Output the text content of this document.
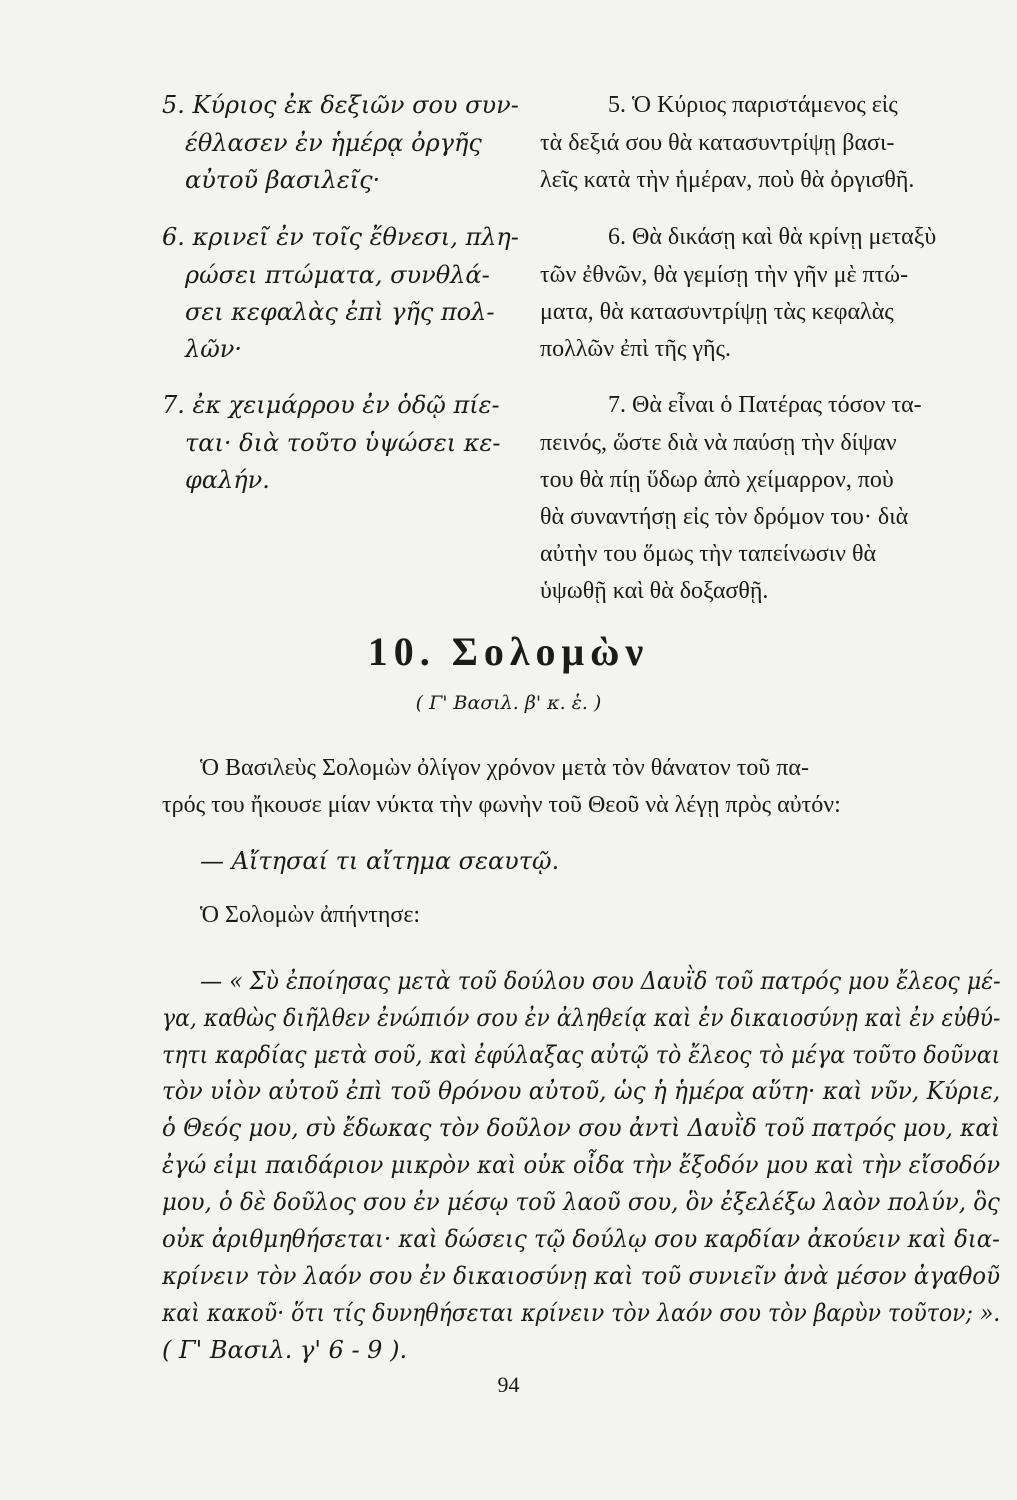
5. Κύριος ἐκ δεξιῶν σου συν-
έθλασεν ἐν ἡμέρᾳ ὀργῆς
αὐτοῦ βασιλεῖς·
6. κρινεῖ ἐν τοῖς ἔθνεσι, πλη-
ρώσει πτώματα, συνθλά-
σει κεφαλὰς ἐπὶ γῆς πολ-
λῶν·
7. ἐκ χειμάρρου ἐν ὁδῷ πίε-
ται· διὰ τοῦτο ὑψώσει κε-
φαλήν.
5. Ὁ Κύριος παριστάμενος εἰς
τὰ δεξιά σου θὰ κατασυντρίψῃ βασι-
λεῖς κατὰ τὴν ἡμέραν, ποὺ θὰ ὀργισθῆ.
6. Θὰ δικάσῃ καὶ θὰ κρίνῃ μεταξὺ
τῶν ἐθνῶν, θὰ γεμίσῃ τὴν γῆν μὲ πτώ-
ματα, θὰ κατασυντρίψῃ τὰς κεφαλὰς
πολλῶν ἐπὶ τῆς γῆς.
7. Θὰ εἶναι ὁ Πατέρας τόσον τα-
πεινός, ὥστε διὰ νὰ παύσῃ τὴν δίψαν
του θὰ πίῃ ὕδωρ ἀπὸ χείμαρρον, ποὺ
θὰ συναντήσῃ εἰς τὸν δρόμον του· διὰ
αὐτὴν του ὅμως τὴν ταπείνωσιν θὰ
ὑψωθῇ καὶ θὰ δοξασθῇ.
10. Σολομὼν
( Γ' Βασιλ. β' κ. ἑ. )
Ὁ Βασιλεὺς Σολομὼν ὀλίγον χρόνον μετὰ τὸν θάνατον τοῦ πα-
τρός του ἤκουσε μίαν νύκτα τὴν φωνὴν τοῦ Θεοῦ νὰ λέγῃ πρὸς αὐτόν:
— Αἴτησαί τι αἴτημα σεαυτῷ.
Ὁ Σολομὼν ἀπήντησε:
— « Σὺ ἐποίησας μετὰ τοῦ δούλου σου Δαυῒδ τοῦ πατρός μου ἔλεος μέ-
γα, καθὼς διῆλθεν ἐνώπιόν σου ἐν ἀληθείᾳ καὶ ἐν δικαιοσύνῃ καὶ ἐν εὐθύ-
τητι καρδίας μετὰ σοῦ, καὶ ἐφύλαξας αὐτῷ τὸ ἔλεος τὸ μέγα τοῦτο δοῦναι
τὸν υἱὸν αὐτοῦ ἐπὶ τοῦ θρόνου αὐτοῦ, ὡς ἡ ἡμέρα αὕτη· καὶ νῦν, Κύριε,
ὁ Θεός μου, σὺ ἔδωκας τὸν δοῦλον σου ἀντὶ Δαυῒδ τοῦ πατρός μου, καὶ
ἐγώ εἰμι παιδάριον μικρὸν καὶ οὐκ οἶδα τὴν ἔξοδόν μου καὶ τὴν εἴσοδόν
μου, ὁ δὲ δοῦλος σου ἐν μέσῳ τοῦ λαοῦ σου, ὃν ἐξελέξω λαὸν πολύν, ὃς
οὐκ ἀριθμηθήσεται· καὶ δώσεις τῷ δούλῳ σου καρδίαν ἀκούειν καὶ δια-
κρίνειν τὸν λαόν σου ἐν δικαιοσύνῃ καὶ τοῦ συνιεῖν ἀνὰ μέσον ἀγαθοῦ
καὶ κακοῦ· ὅτι τίς δυνηθήσεται κρίνειν τὸν λαόν σου τὸν βαρὺν τοῦτον; ».
( Γ' Βασιλ. γ' 6 - 9 ).
94
